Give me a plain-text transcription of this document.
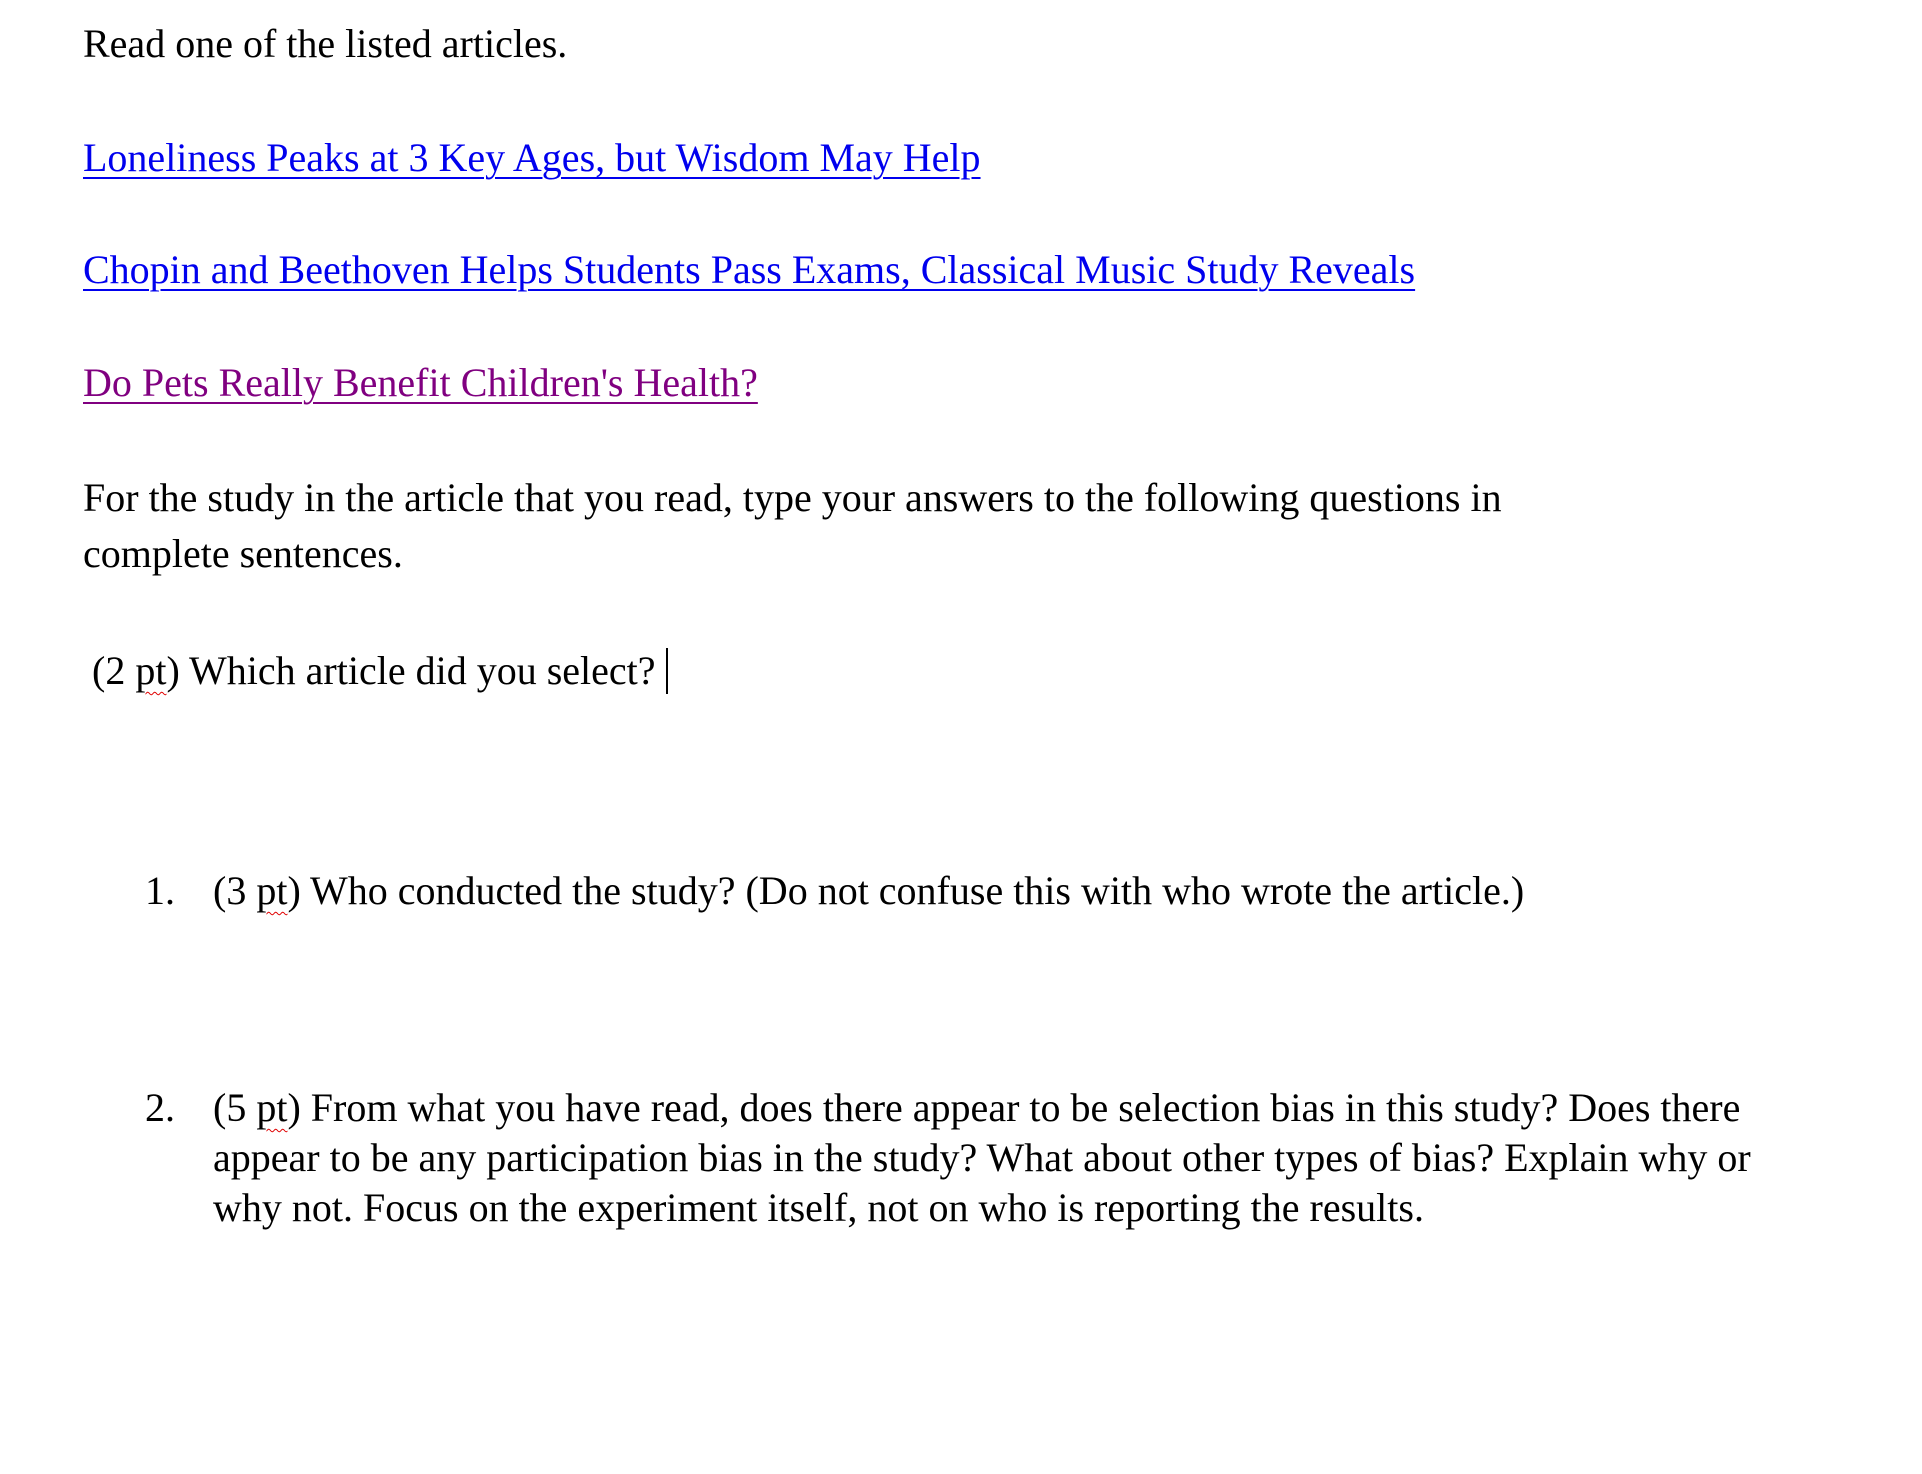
Read one of the listed articles.

Loneliness Peaks at 3 Key Ages, but Wisdom May Help
Chopin and Beethoven Helps Students Pass Exams, Classical Music Study Reveals
Do Pets Really Benefit Children's Health?

For the study in the article that you read, type your answers to the following questions in complete sentences.

(2 pt) Which article did you select?
1. (3 pt) Who conducted the study? (Do not confuse this with who wrote the article.)
2. (5 pt) From what you have read, does there appear to be selection bias in this study? Does there appear to be any participation bias in the study? What about other types of bias? Explain why or why not. Focus on the experiment itself, not on who is reporting the results.
